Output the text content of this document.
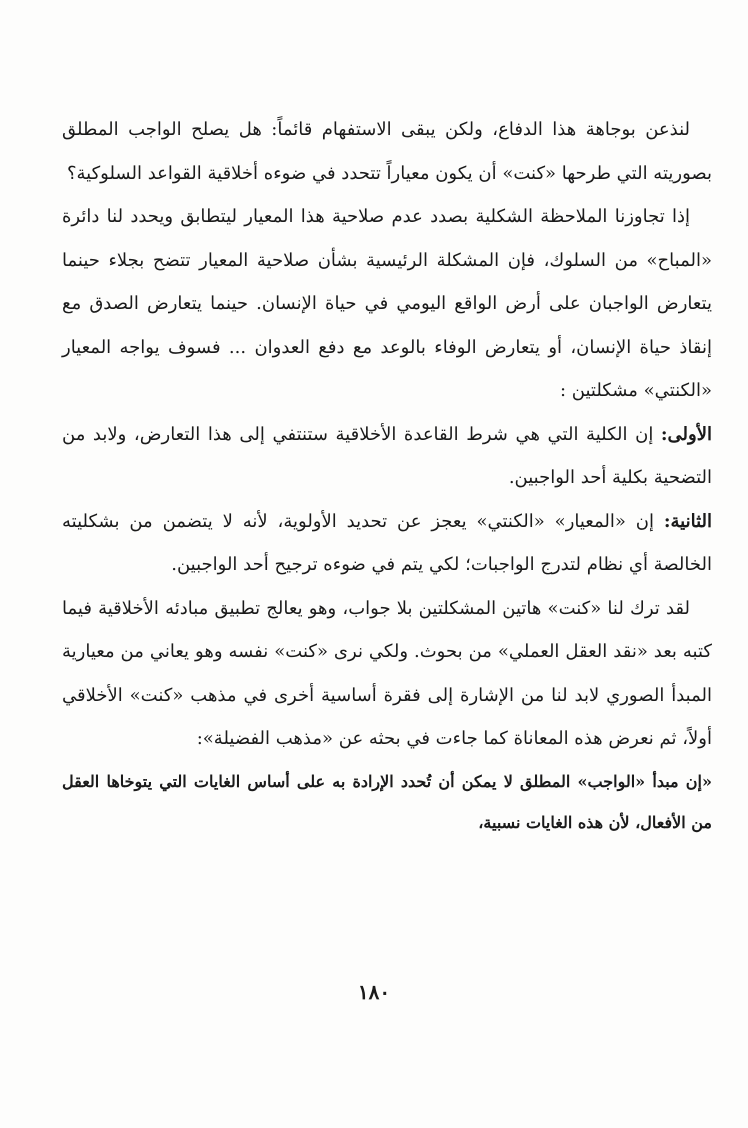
لنذعن بوجاهة هذا الدفاع، ولكن يبقى الاستفهام قائماً: هل يصلح الواجب المطلق بصوريته التي طرحها «كنت» أن يكون معياراً تتحدد في ضوءه أخلاقية القواعد السلوكية؟

إذا تجاوزنا الملاحظة الشكلية بصدد عدم صلاحية هذا المعيار ليتطابق ويحدد لنا دائرة «المباح» من السلوك، فإن المشكلة الرئيسية بشأن صلاحية المعيار تتضح بجلاء حينما يتعارض الواجبان على أرض الواقع اليومي في حياة الإنسان. حينما يتعارض الصدق مع إنقاذ حياة الإنسان، أو يتعارض الوفاء بالوعد مع دفع العدوان ... فسوف يواجه المعيار «الكنتي» مشكلتين :

الأولى: إن الكلية التي هي شرط القاعدة الأخلاقية ستنتفي إلى هذا التعارض، ولابد من التضحية بكلية أحد الواجبين.

الثانية: إن «المعيار» «الكنتي» يعجز عن تحديد الأولوية، لأنه لا يتضمن من بشكليته الخالصة أي نظام لتدرج الواجبات؛ لكي يتم في ضوءه ترجيح أحد الواجبين.

لقد ترك لنا «كنت» هاتين المشكلتين بلا جواب، وهو يعالج تطبيق مبادئه الأخلاقية فيما كتبه بعد «نقد العقل العملي» من بحوث. ولكي نرى «كنت» نفسه وهو يعاني من معيارية المبدأ الصوري لابد لنا من الإشارة إلى فقرة أساسية أخرى في مذهب «كنت» الأخلاقي أولاً، ثم نعرض هذه المعاناة كما جاءت في بحثه عن «مذهب الفضيلة»:

«إن مبدأ «الواجب» المطلق لا يمكن أن تُحدد الإرادة به على أساس الغايات التي يتوخاها العقل من الأفعال، لأن هذه الغايات نسبية،

١٨٠
